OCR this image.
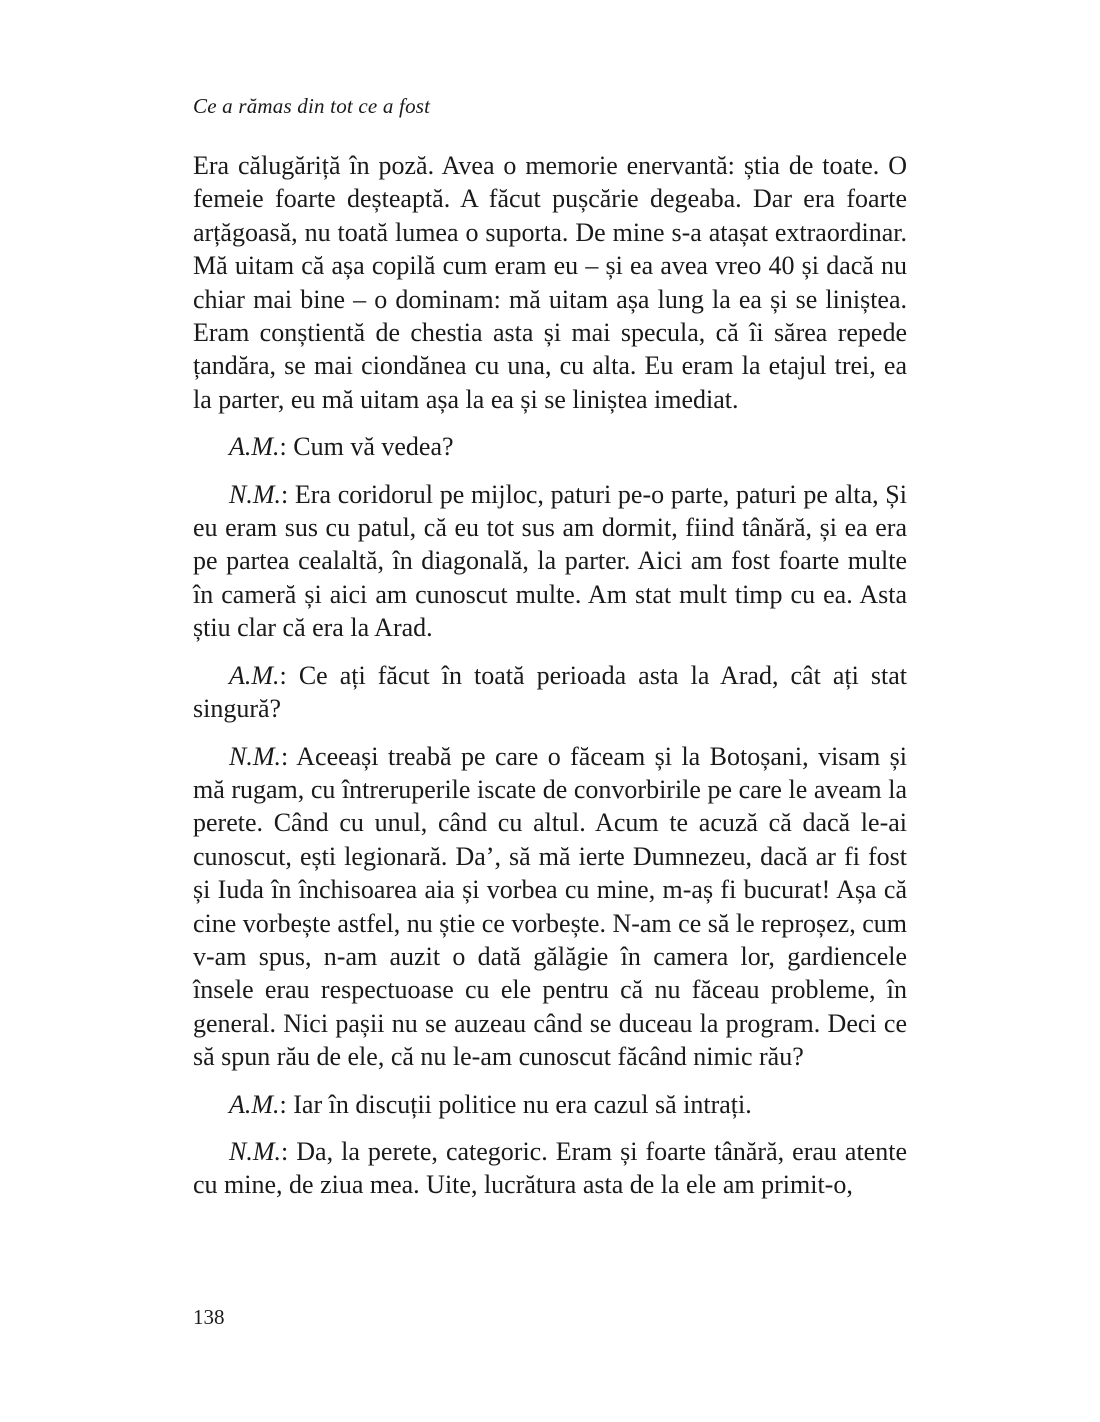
Ce a rămas din tot ce a fost

Era călugăriță în poză. Avea o memorie enervantă: știa de toate. O femeie foarte deșteaptă. A făcut pușcărie degeaba. Dar era foarte arțăgoasă, nu toată lumea o suporta. De mine s-a atașat extraordinar. Mă uitam că așa copilă cum eram eu – și ea avea vreo 40 și dacă nu chiar mai bine – o dominam: mă uitam așa lung la ea și se liniștea. Eram conștientă de chestia asta și mai specula, că îi sărea repede țandăra, se mai ciondănea cu una, cu alta. Eu eram la etajul trei, ea la parter, eu mă uitam așa la ea și se liniștea imediat.

A.M.: Cum vă vedea?

N.M.: Era coridorul pe mijloc, paturi pe-o parte, paturi pe alta, Și eu eram sus cu patul, că eu tot sus am dormit, fiind tânără, și ea era pe partea cealaltă, în diagonală, la parter. Aici am fost foarte multe în cameră și aici am cunoscut multe. Am stat mult timp cu ea. Asta știu clar că era la Arad.

A.M.: Ce ați făcut în toată perioada asta la Arad, cât ați stat singură?

N.M.: Aceeași treabă pe care o făceam și la Botoșani, visam și mă rugam, cu întreruperile iscate de convorbirile pe care le aveam la perete. Când cu unul, când cu altul. Acum te acuză că dacă le-ai cunoscut, ești legionară. Da’, să mă ierte Dumnezeu, dacă ar fi fost și Iuda în închisoarea aia și vorbea cu mine, m-aș fi bucurat! Așa că cine vorbește astfel, nu știe ce vorbește. N-am ce să le reproșez, cum v-am spus, n-am auzit o dată gălăgie în camera lor, gardiencele însele erau respectuoase cu ele pentru că nu făceau probleme, în general. Nici pașii nu se auzeau când se duceau la program. Deci ce să spun rău de ele, că nu le-am cunoscut făcând nimic rău?

A.M.: Iar în discuții politice nu era cazul să intrați.

N.M.: Da, la perete, categoric. Eram și foarte tânără, erau atente cu mine, de ziua mea. Uite, lucrătura asta de la ele am primit-o,

138
